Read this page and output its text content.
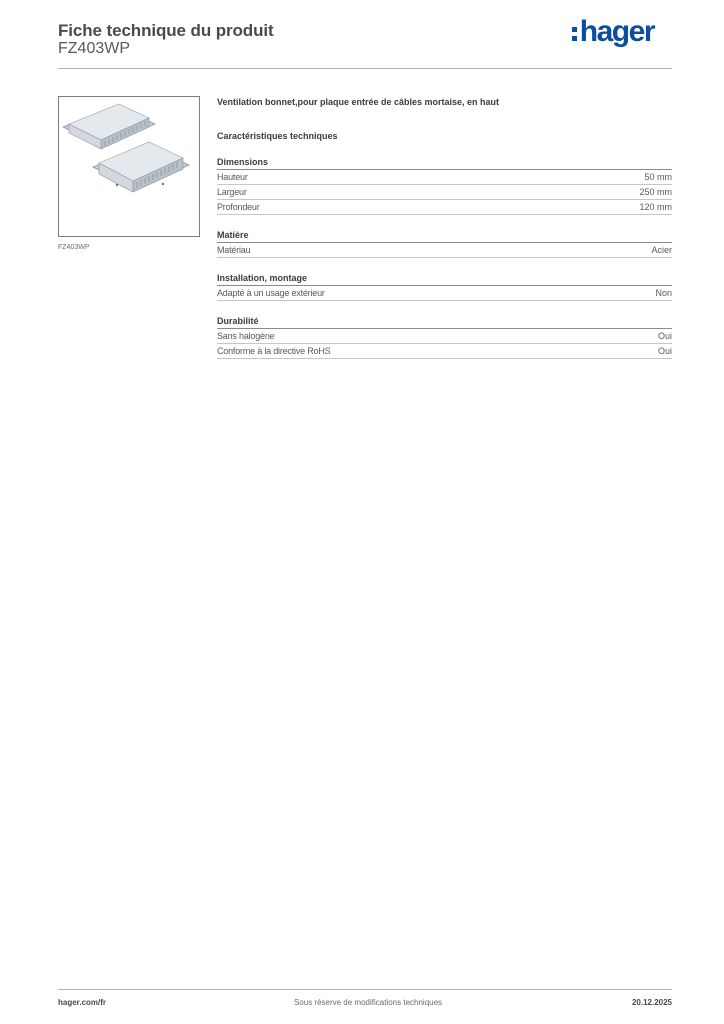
Fiche technique du produit
FZ403WP
hager
FZ403WP
Ventilation bonnet,pour plaque entrée de câbles mortaise, en haut
Caractéristiques techniques
Dimensions
Hauteur	50 mm
Largeur	250 mm
Profondeur	120 mm
Matière
Matériau	Acier
Installation, montage
Adapté à un usage extérieur	Non
Durabilité
Sans halogène	Oui
Conforme à la directive RoHS	Oui
hager.com/fr	Sous réserve de modifications techniques	20.12.2025
